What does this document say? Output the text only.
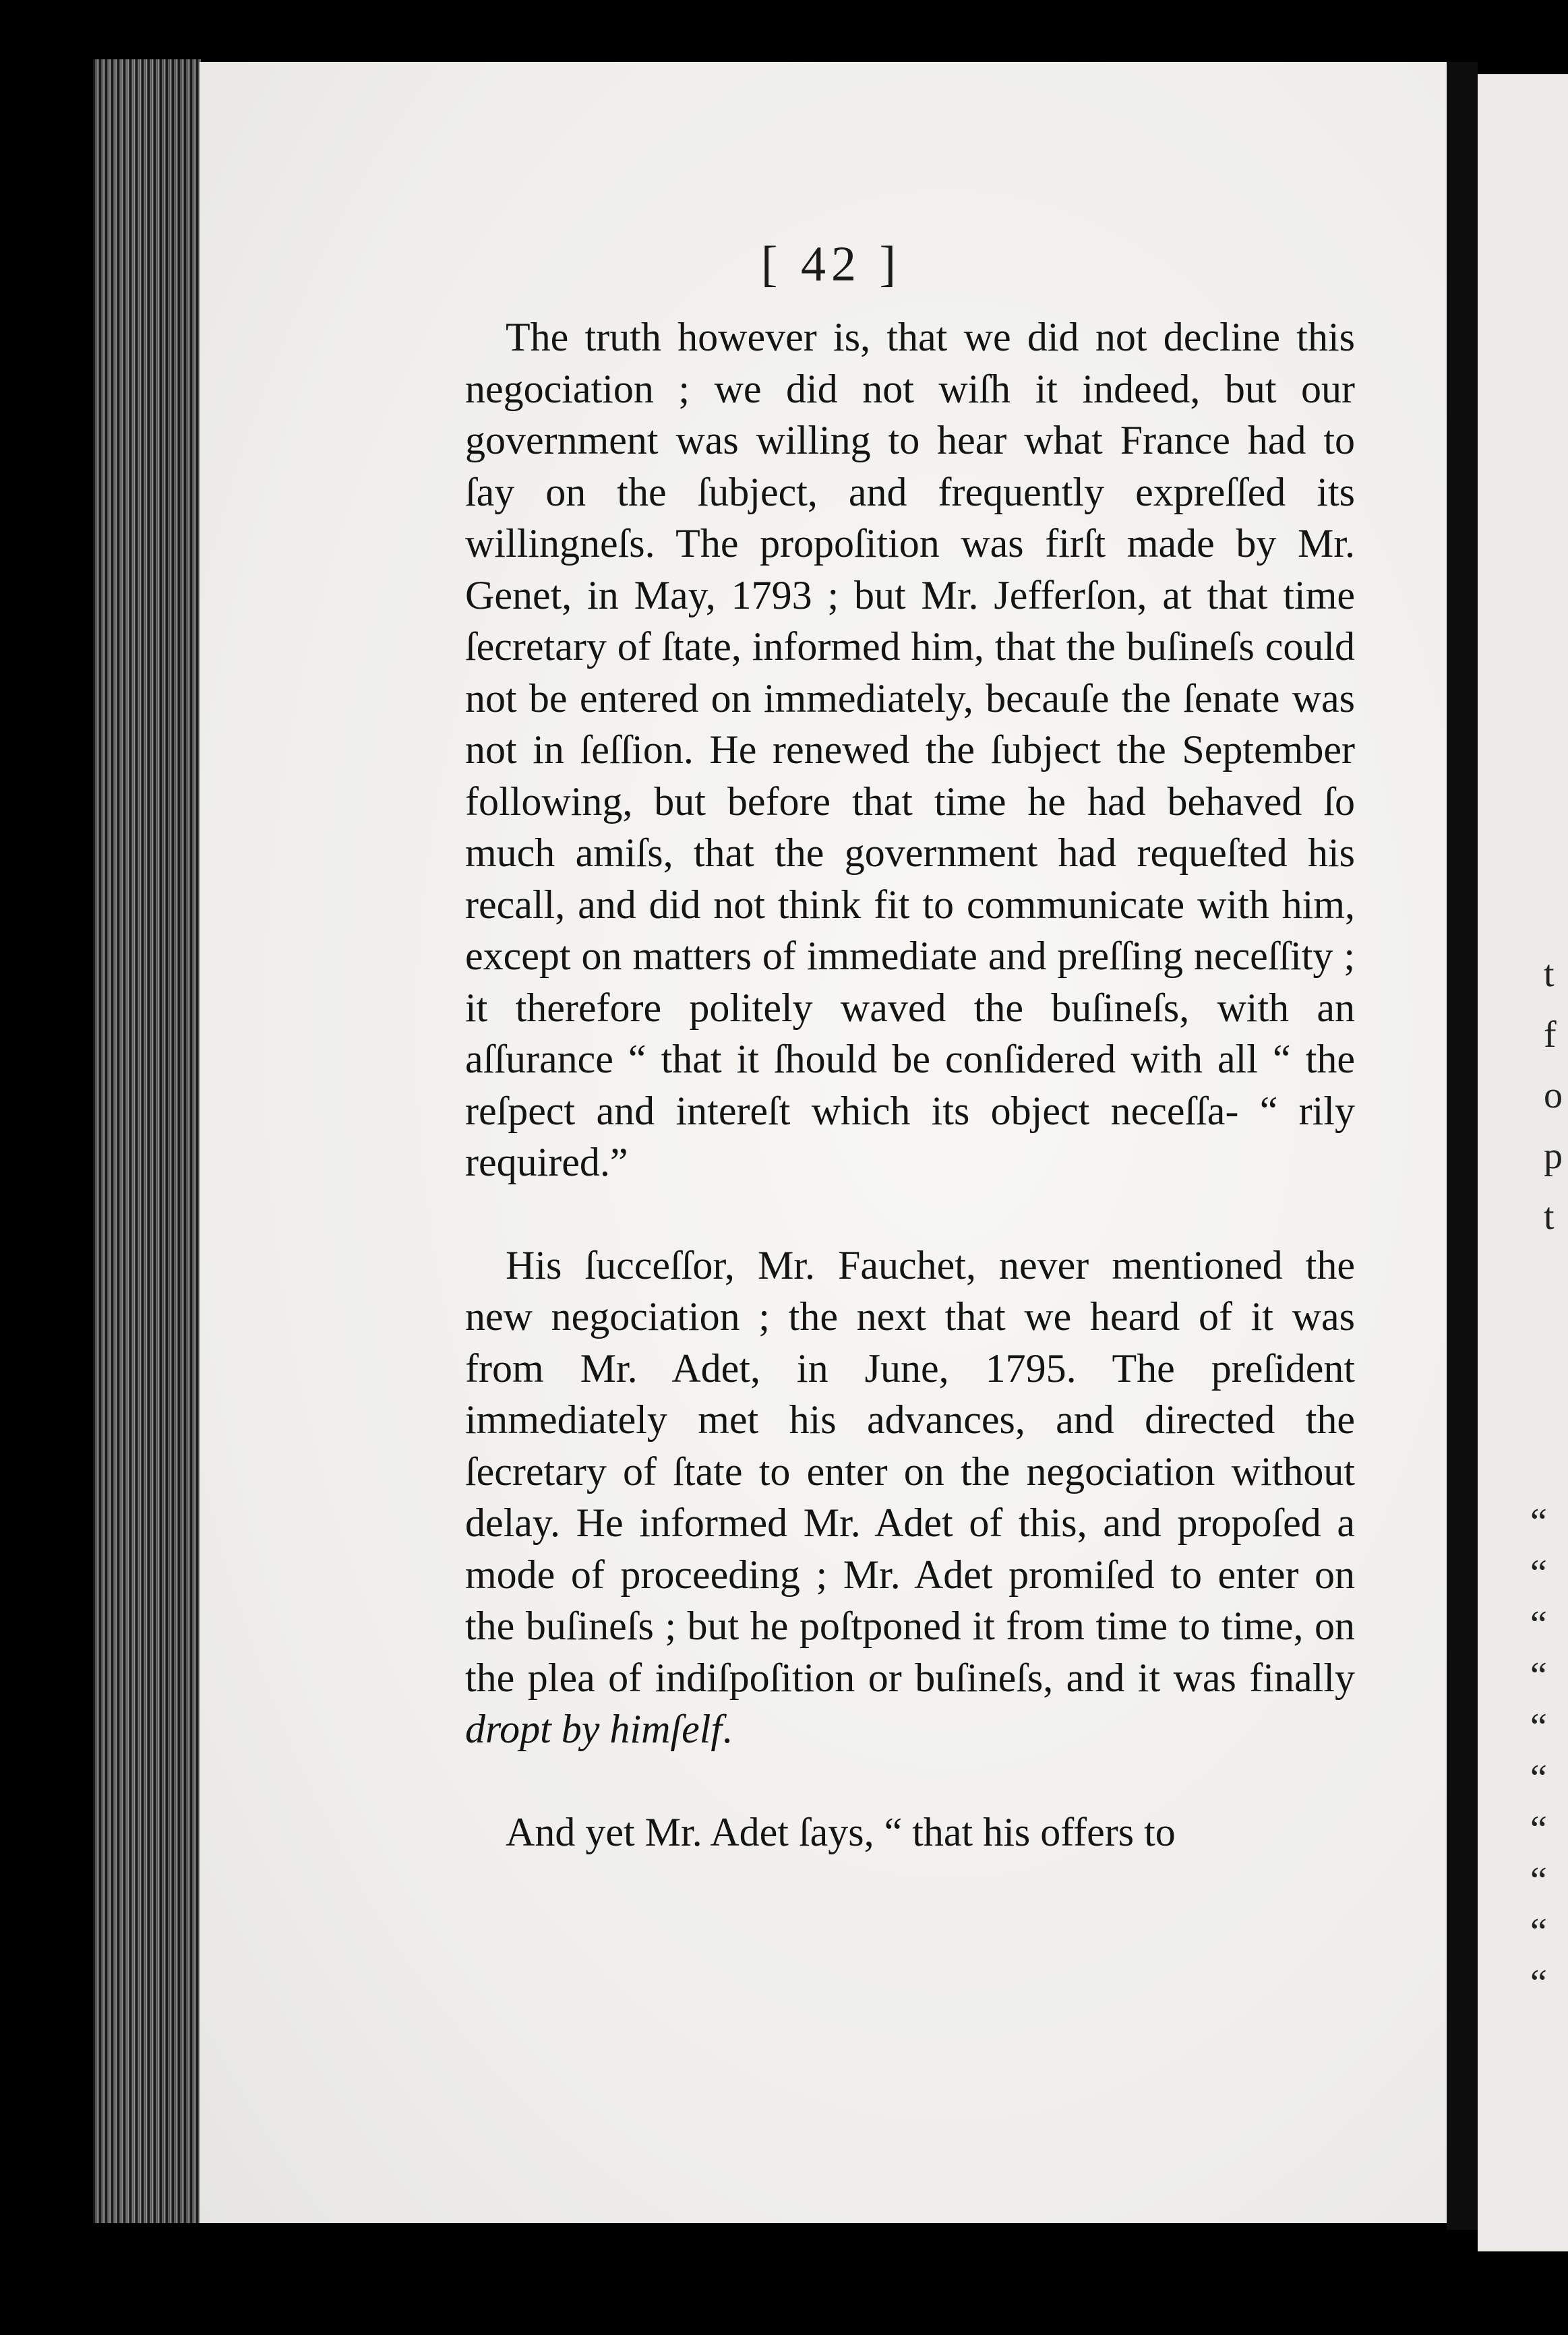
t
f
o
p
t
“
“
“
“
“
“
“
“
“
“
[ 42 ]

The truth however is, that we did not decline this negociation ; we did not wiſh it indeed, but our government was willing to hear what France had to ſay on the ſubject, and frequently expreſſed its willingneſs. The propoſition was firſt made by Mr. Genet, in May, 1793 ; but Mr. Jefferſon, at that time ſecretary of ſtate, informed him, that the buſineſs could not be entered on immediately, becauſe the ſenate was not in ſeſſion. He renewed the ſubject the September following, but before that time he had behaved ſo much amiſs, that the government had requeſted his recall, and did not think fit to communicate with him, except on matters of immediate and preſſing neceſſity ; it therefore politely waved the buſineſs, with an aſſurance “ that it ſhould be conſidered with all “ the reſpect and intereſt which its object neceſſa- “ rily required.”

His ſucceſſor, Mr. Fauchet, never mentioned the new negociation ; the next that we heard of it was from Mr. Adet, in June, 1795. The preſident immediately met his advances, and directed the ſecretary of ſtate to enter on the negociation without delay. He informed Mr. Adet of this, and propoſed a mode of proceeding ; Mr. Adet promiſed to enter on the buſineſs ; but he poſtponed it from time to time, on the plea of indiſpoſition or buſineſs, and it was finally dropt by himſelf.

And yet Mr. Adet ſays, “ that his offers to
